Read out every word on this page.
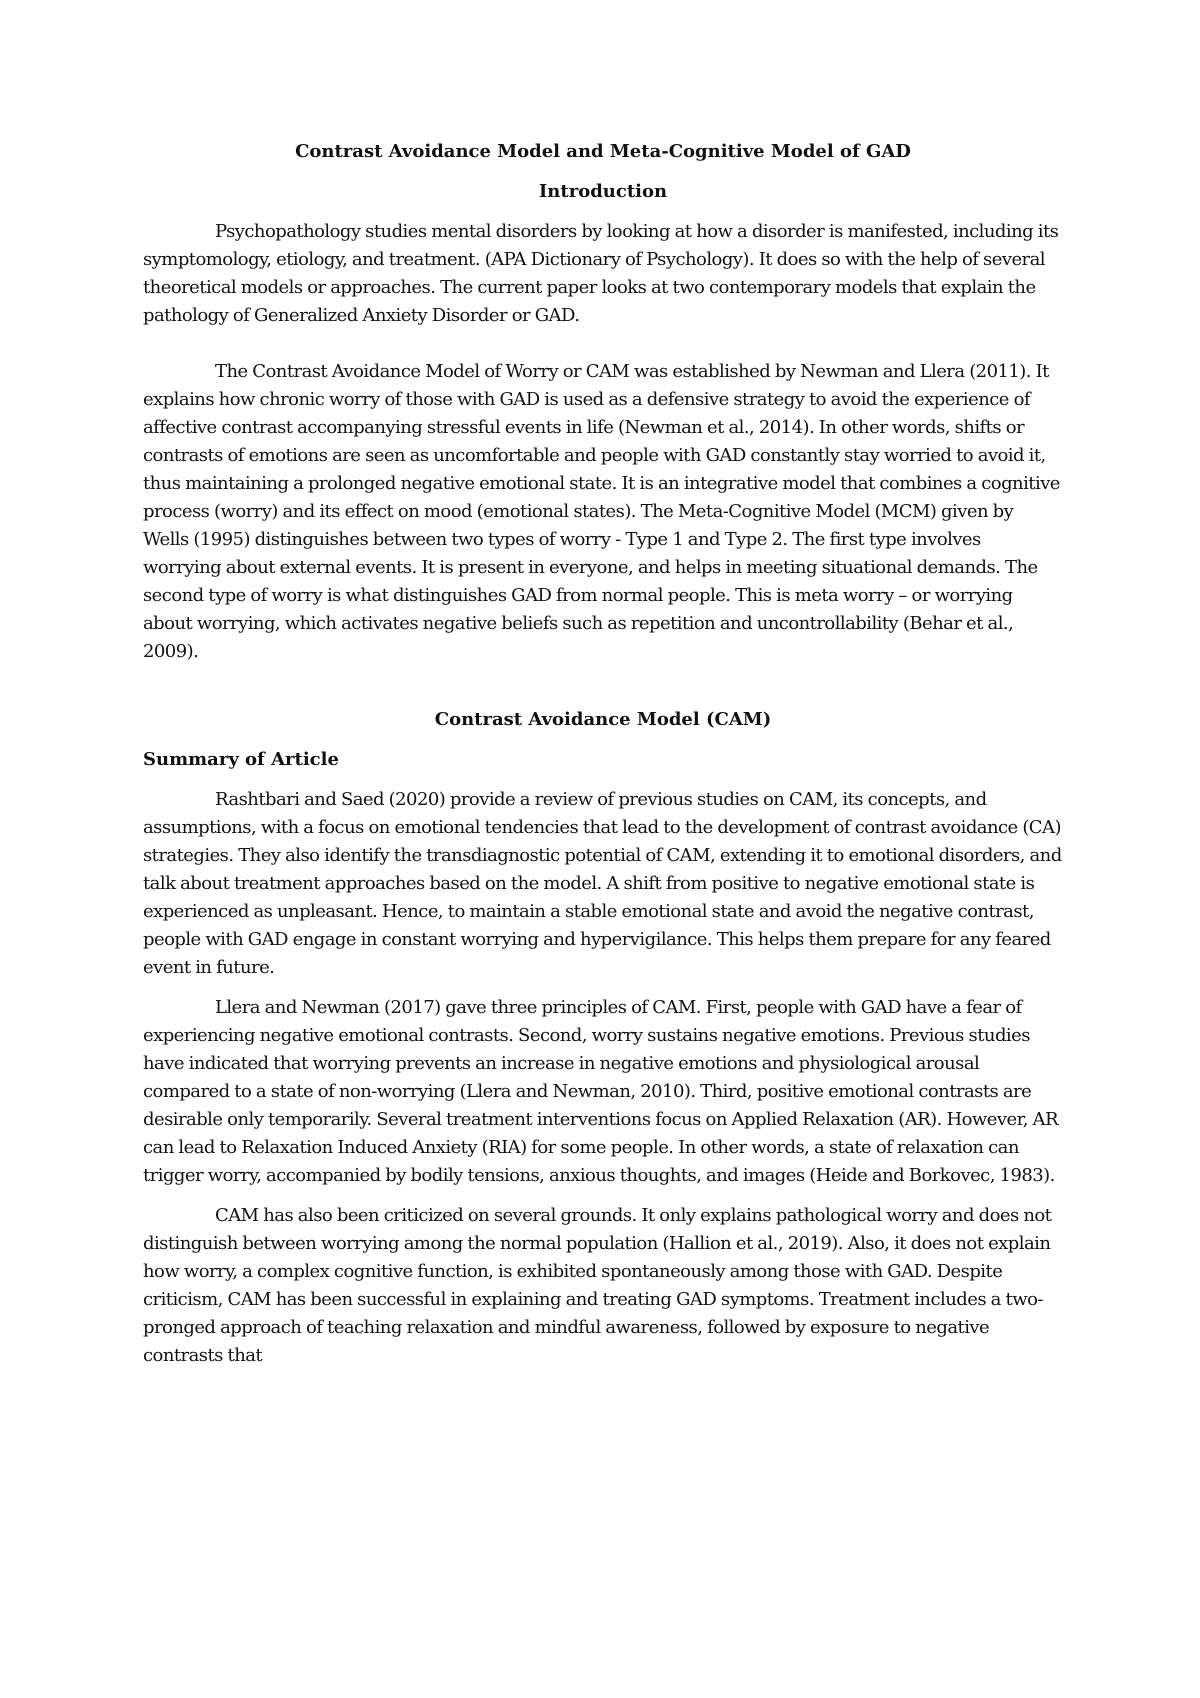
Contrast Avoidance Model and Meta-Cognitive Model of GAD
Introduction

Psychopathology studies mental disorders by looking at how a disorder is manifested, including its symptomology, etiology, and treatment. (APA Dictionary of Psychology). It does so with the help of several theoretical models or approaches. The current paper looks at two contemporary models that explain the pathology of Generalized Anxiety Disorder or GAD.

The Contrast Avoidance Model of Worry or CAM was established by Newman and Llera (2011). It explains how chronic worry of those with GAD is used as a defensive strategy to avoid the experience of affective contrast accompanying stressful events in life (Newman et al., 2014). In other words, shifts or contrasts of emotions are seen as uncomfortable and people with GAD constantly stay worried to avoid it, thus maintaining a prolonged negative emotional state. It is an integrative model that combines a cognitive process (worry) and its effect on mood (emotional states). The Meta-Cognitive Model (MCM) given by Wells (1995) distinguishes between two types of worry - Type 1 and Type 2. The first type involves worrying about external events. It is present in everyone, and helps in meeting situational demands. The second type of worry is what distinguishes GAD from normal people. This is meta worry – or worrying about worrying, which activates negative beliefs such as repetition and uncontrollability (Behar et al., 2009).

Contrast Avoidance Model (CAM)
Summary of Article

Rashtbari and Saed (2020) provide a review of previous studies on CAM, its concepts, and assumptions, with a focus on emotional tendencies that lead to the development of contrast avoidance (CA) strategies. They also identify the transdiagnostic potential of CAM, extending it to emotional disorders, and talk about treatment approaches based on the model. A shift from positive to negative emotional state is experienced as unpleasant. Hence, to maintain a stable emotional state and avoid the negative contrast, people with GAD engage in constant worrying and hypervigilance. This helps them prepare for any feared event in future.

Llera and Newman (2017) gave three principles of CAM. First, people with GAD have a fear of experiencing negative emotional contrasts. Second, worry sustains negative emotions. Previous studies have indicated that worrying prevents an increase in negative emotions and physiological arousal compared to a state of non-worrying (Llera and Newman, 2010). Third, positive emotional contrasts are desirable only temporarily. Several treatment interventions focus on Applied Relaxation (AR). However, AR can lead to Relaxation Induced Anxiety (RIA) for some people. In other words, a state of relaxation can trigger worry, accompanied by bodily tensions, anxious thoughts, and images (Heide and Borkovec, 1983).

CAM has also been criticized on several grounds. It only explains pathological worry and does not distinguish between worrying among the normal population (Hallion et al., 2019). Also, it does not explain how worry, a complex cognitive function, is exhibited spontaneously among those with GAD. Despite criticism, CAM has been successful in explaining and treating GAD symptoms. Treatment includes a two-pronged approach of teaching relaxation and mindful awareness, followed by exposure to negative contrasts that
